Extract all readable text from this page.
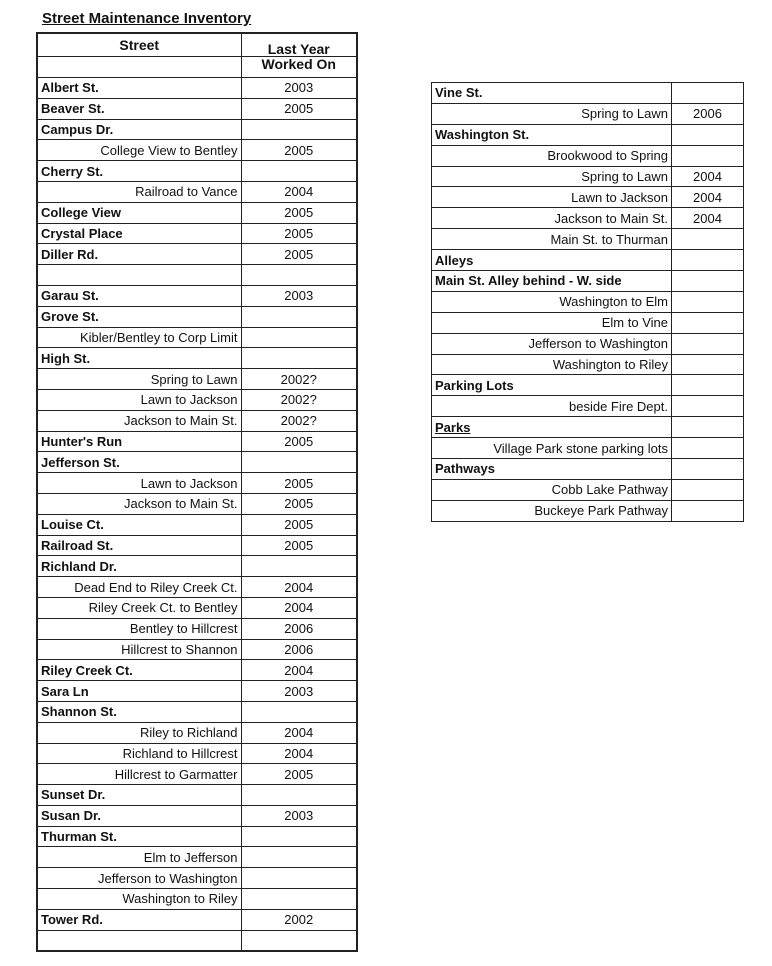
Street Maintenance Inventory
Street	Last Year
	Worked On
Albert St.	2003
Beaver St.	2005
Campus Dr.	
College View to Bentley	2005
Cherry St.	
Railroad to Vance	2004
College View	2005
Crystal Place	2005
Diller Rd.	2005

Garau St.	2003
Grove St.	
Kibler/Bentley to Corp Limit	
High St.	
Spring to Lawn	2002?
Lawn to Jackson	2002?
Jackson to Main St.	2002?
Hunter's Run	2005
Jefferson St.	
Lawn to Jackson	2005
Jackson to Main St.	2005
Louise Ct.	2005
Railroad St.	2005
Richland Dr.	
Dead End to Riley Creek Ct.	2004
Riley Creek Ct. to Bentley	2004
Bentley to Hillcrest	2006
Hillcrest to Shannon	2006
Riley Creek Ct.	2004
Sara Ln	2003
Shannon St.	
Riley to Richland	2004
Richland to Hillcrest	2004
Hillcrest to Garmatter	2005
Sunset Dr.	
Susan Dr.	2003
Thurman St.	
Elm to Jefferson	
Jefferson to Washington	
Washington to Riley	
Tower Rd.	2002

Vine St.	
Spring to Lawn	2006
Washington St.	
Brookwood to Spring	
Spring to Lawn	2004
Lawn to Jackson	2004
Jackson to Main St.	2004
Main St. to Thurman	
Alleys	
Main St. Alley behind - W. side	
Washington to Elm	
Elm to Vine	
Jefferson to Washington	
Washington to Riley	
Parking Lots	
beside Fire Dept.	
Parks	
Village Park stone parking lots	
Pathways	
Cobb Lake Pathway	
Buckeye Park Pathway	
